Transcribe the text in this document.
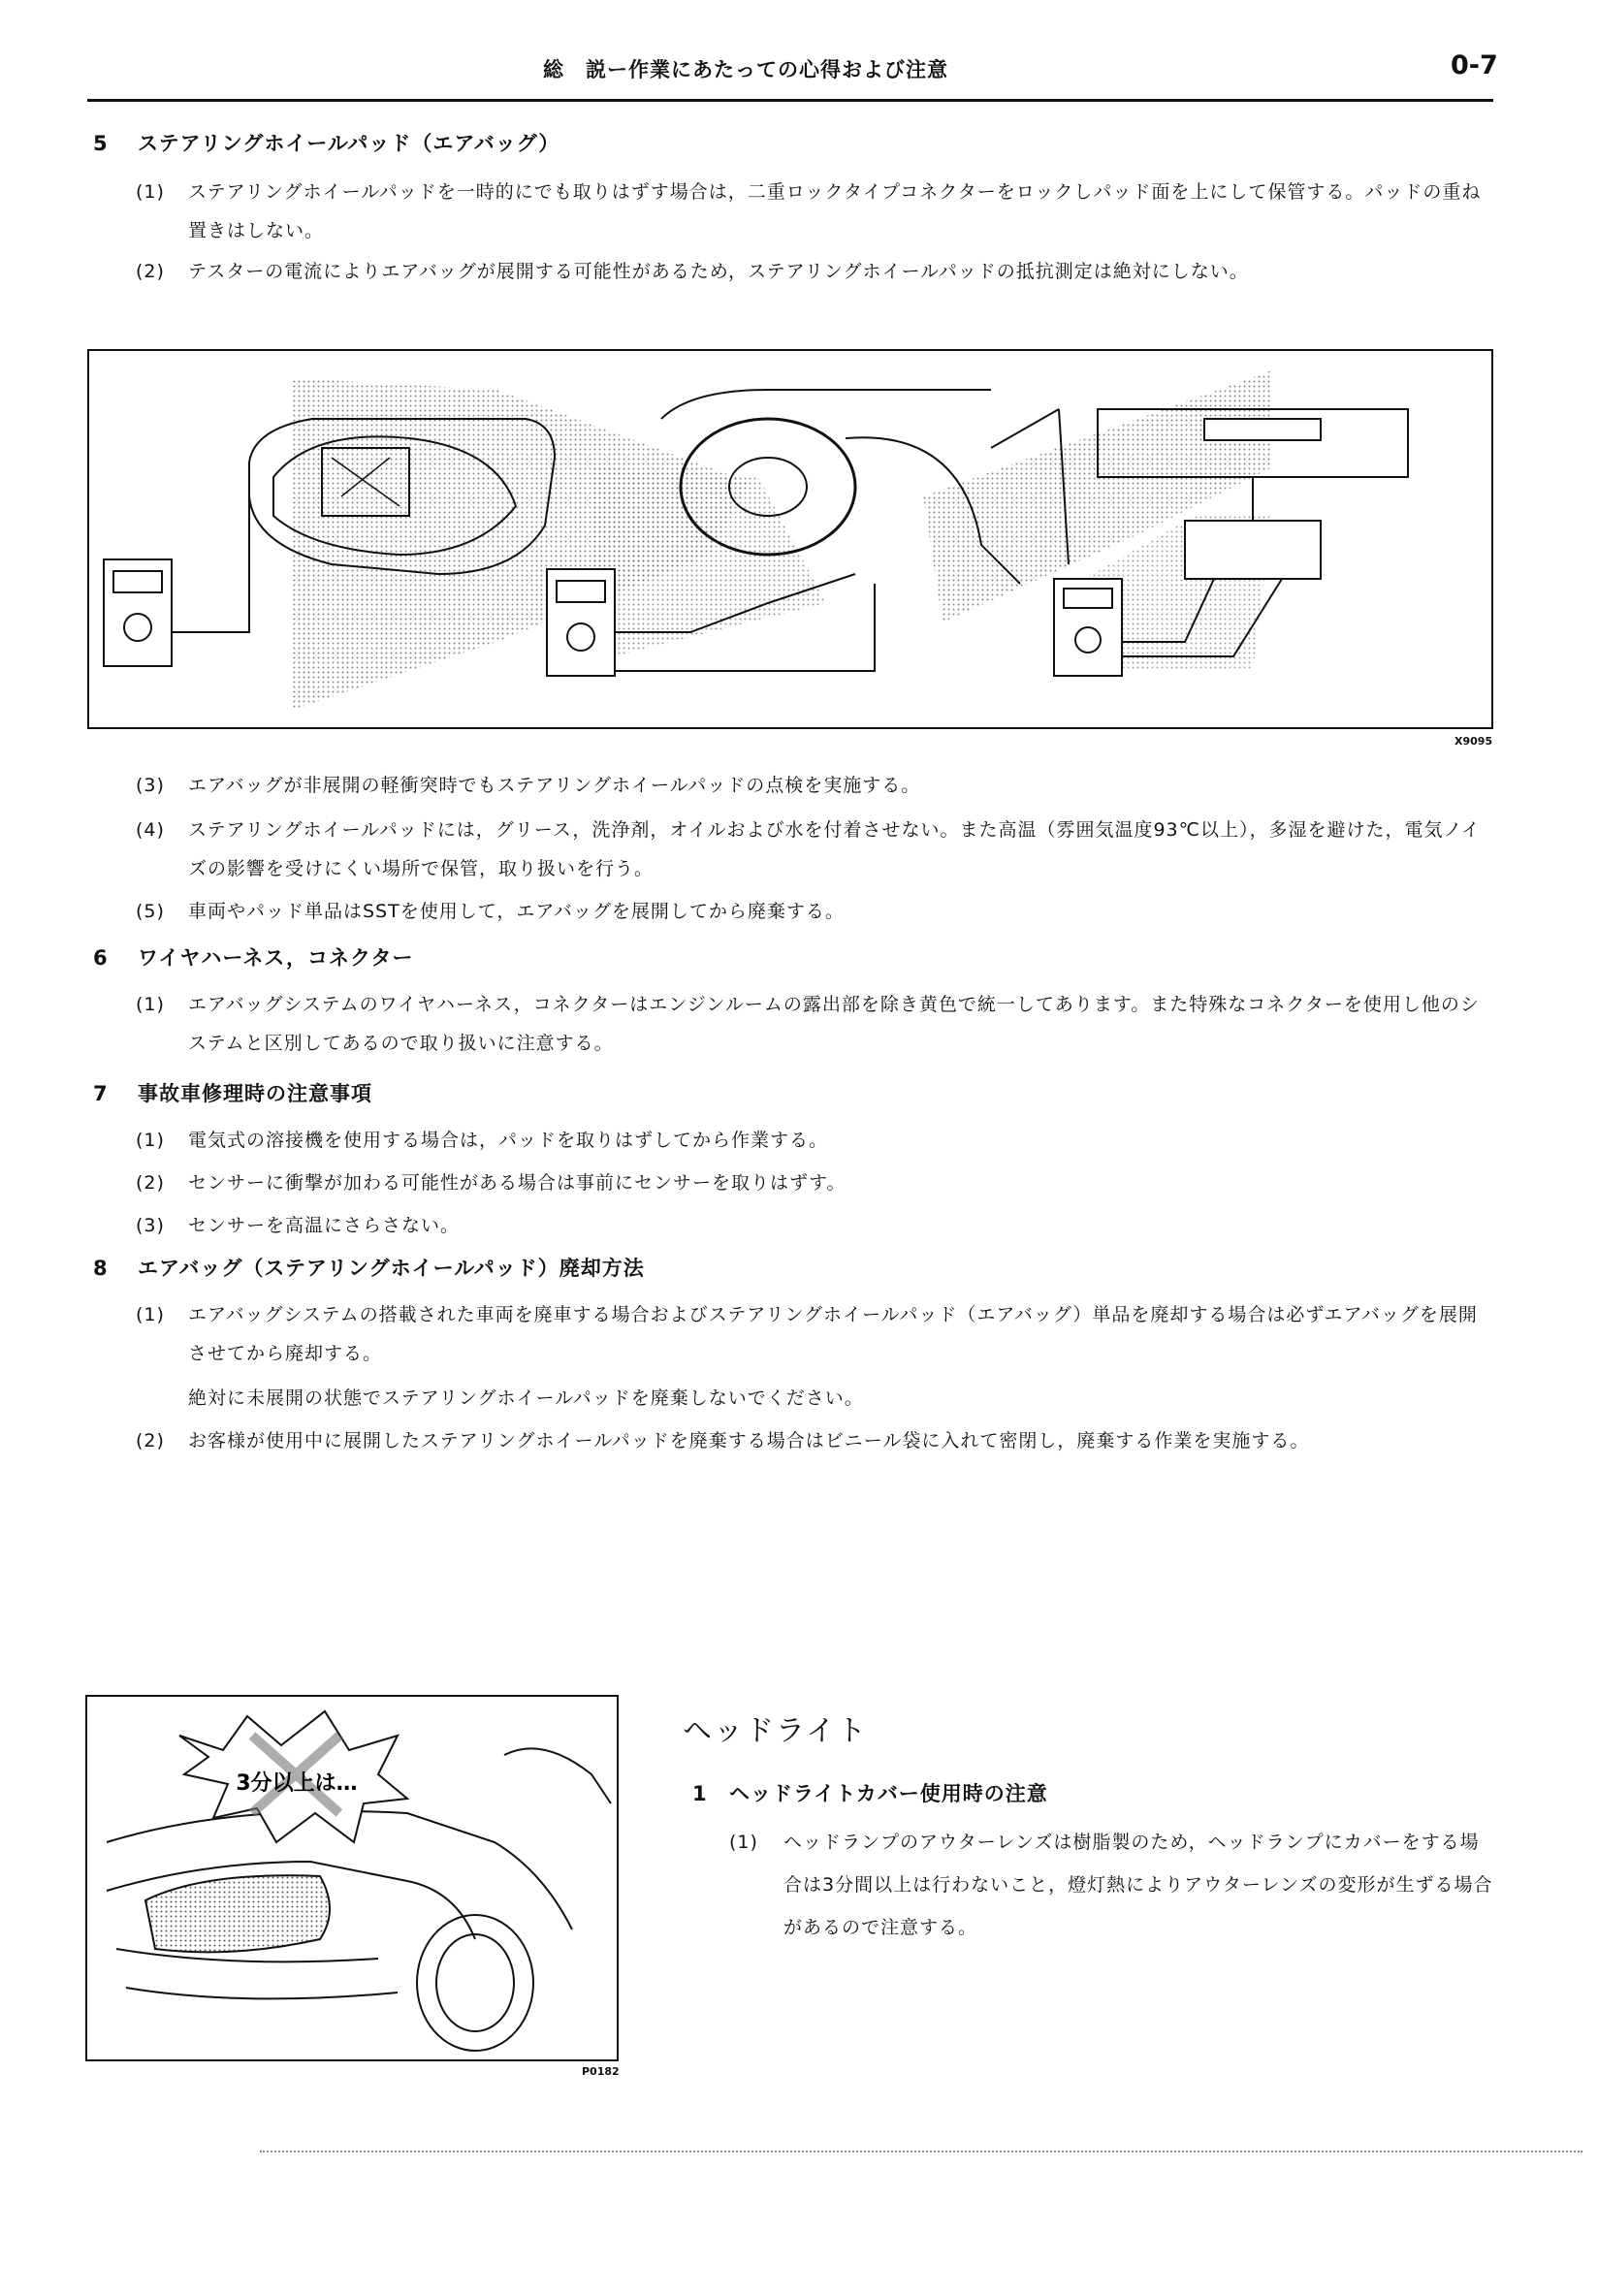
総　説ー作業にあたっての心得および注意	0-7
5 ステアリングホイールパッド（エアバッグ）
(1) ステアリングホイールパッドを一時的にでも取りはずす場合は，二重ロックタイプコネクターをロックしパッド面を上にして保管する。パッドの重ね置きはしない。
(2) テスターの電流によりエアバッグが展開する可能性があるため，ステアリングホイールパッドの抵抗測定は絶対にしない。
X9095
(3) エアバッグが非展開の軽衝突時でもステアリングホイールパッドの点検を実施する。
(4) ステアリングホイールパッドには，グリース，洗浄剤，オイルおよび水を付着させない。また高温（雰囲気温度93℃以上），多湿を避けた，電気ノイズの影響を受けにくい場所で保管，取り扱いを行う。
(5) 車両やパッド単品はSSTを使用して，エアバッグを展開してから廃棄する。
6 ワイヤハーネス，コネクター
(1) エアバッグシステムのワイヤハーネス，コネクターはエンジンルームの露出部を除き黄色で統一してあります。また特殊なコネクターを使用し他のシステムと区別してあるので取り扱いに注意する。
7 事故車修理時の注意事項
(1) 電気式の溶接機を使用する場合は，パッドを取りはずしてから作業する。
(2) センサーに衝撃が加わる可能性がある場合は事前にセンサーを取りはずす。
(3) センサーを高温にさらさない。
8 エアバッグ（ステアリングホイールパッド）廃却方法
(1) エアバッグシステムの搭載された車両を廃車する場合およびステアリングホイールパッド（エアバッグ）単品を廃却する場合は必ずエアバッグを展開させてから廃却する。
絶対に未展開の状態でステアリングホイールパッドを廃棄しないでください。
(2) お客様が使用中に展開したステアリングホイールパッドを廃棄する場合はビニール袋に入れて密閉し，廃棄する作業を実施する。
3分以上は…
P0182
ヘッドライト
1 ヘッドライトカバー使用時の注意
(1) ヘッドランプのアウターレンズは樹脂製のため，ヘッドランプにカバーをする場合は3分間以上は行わないこと，燈灯熱によりアウターレンズの変形が生ずる場合があるので注意する。
